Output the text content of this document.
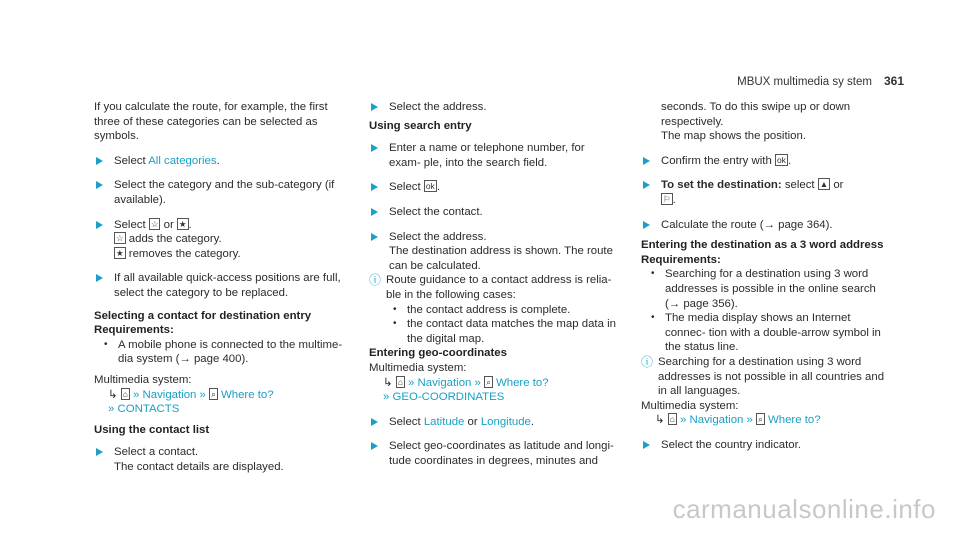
MBUX multimedia sy stem 361

If you calculate the route, for example, the first three of these categories can be selected as symbols.

Select All categories.
Select the category and the sub-category (if available).
Select ☆ or ★ .
☆ adds the category.
★ removes the category.
If all available quick-access positions are full, select the category to be replaced.

Selecting a contact for destination entry

Requirements:

• A mobile phone is connected to the multime- dia system (→ page 400).

Multimedia system:

↳ ⌂ » Navigation » ⌕ Where to?
» CONTACTS

Using the contact list

Select a contact.
The contact details are displayed.
Select the address.

Using search entry

Enter a name or telephone number, for exam- ple, into the search field.
Select ok .
Select the contact.
Select the address.
The destination address is shown. The route can be calculated.
ⓘ Route guidance to a contact address is relia- ble in the following cases:
• the contact address is complete.
• the contact data matches the map data in the digital map.

Entering geo-coordinates

Multimedia system:

↳ ⌂ » Navigation » ⌕ Where to?
» GEO-COORDINATES
Select Latitude or Longitude.
Select geo-coordinates as latitude and longi- tude coordinates in degrees, minutes and
seconds. To do this swipe up or down respectively.
The map shows the position.
Confirm the entry with ok .
To set the destination: select ▲ or
⚐ .
Calculate the route (→ page 364).

Entering the destination as a 3 word address

Requirements:

• Searching for a destination using 3 word addresses is possible in the online search (→ page 356).
• The media display shows an Internet connec- tion with a double-arrow symbol in the status line.
ⓘ Searching for a destination using 3 word addresses is not possible in all countries and in all languages.

Multimedia system:

↳ ⌂ » Navigation » ⌕ Where to?
Select the country indicator.
carmanualsonline.info
